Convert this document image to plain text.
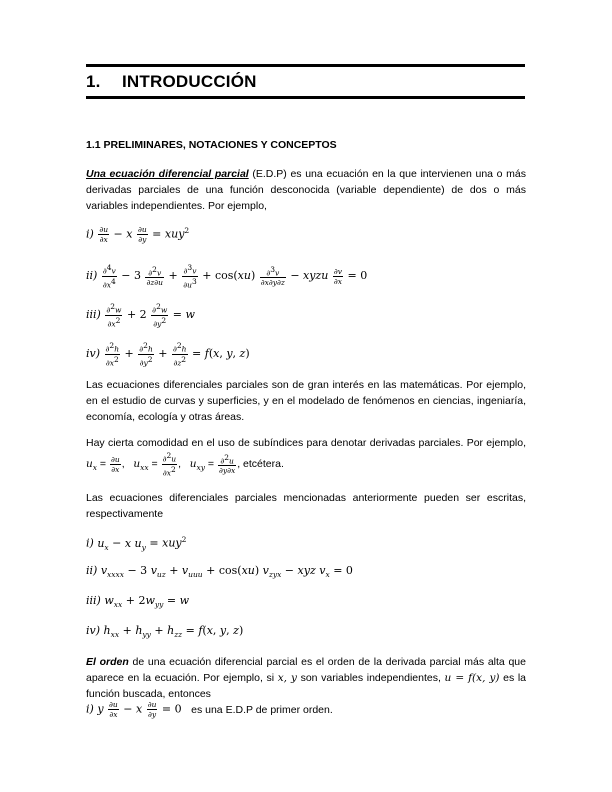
1. INTRODUCCIÓN
1.1 PRELIMINARES, NOTACIONES Y CONCEPTOS
Una ecuación diferencial parcial (E.D.P) es una ecuación en la que intervienen una o más derivadas parciales de una función desconocida (variable dependiente) de dos o más variables independientes. Por ejemplo,
$i) \frac{\partial u}{\partial x} - x \frac{\partial u}{\partial y} = xuy^2$
$ii) \frac{\partial^4v}{\partial x^4} - 3 \frac{\partial^2v}{\partial z\partial u} + \frac{\partial^3v}{\partial u^3} + \cos(xu) \frac{\partial^3v}{\partial x\partial y\partial z}$ − xyzu $\frac{\partial v}{\partial x} = 0$
$iii) \frac{\partial^2w}{\partial x^2} + 2 \frac{\partial^2w}{\partial y^2} = w$
$iv) \frac{\partial^2h}{\partial x^2} + \frac{\partial^2h}{\partial y^2} + \frac{\partial^2h}{\partial z^2} = f(x$, y, z)
Las ecuaciones diferenciales parciales son de gran interés en las matemáticas. Por ejemplo, en el estudio de curvas y superficies, y en el modelado de fenómenos en ciencias, ingeniaría, economía, ecología y otras áreas.
Hay cierta comodidad en el uso de subíndices para denotar derivadas parciales. Por ejemplo, $u_x = \frac{\partial u}{\partial x}$ ,   $u_{xx} = \frac{\partial^2u}{\partial x^2}$ ,   $u_{xy} = \frac{\partial^2u}{\partial y\partial x}$ , etcétera.
Las ecuaciones diferenciales parciales mencionadas anteriormente pueden ser escritas, respectivamente
i) $u_x - x$ $u_y = xuy^2$
ii) $v_{xxxx} - 3$ $v_{uz} + v_{uuu} + \cos(xu) v_{zyx}$ − xyz $v_x = 0$
iii) $w_{xx} + 2w_{yy} = w$
iv) $h_{xx} + h_{yy} + h_{zz} = f(x$, y, z)
El orden de una ecuación diferencial parcial es el orden de la derivada parcial más alta que aparece en la ecuación. Por ejemplo, si x, y son variables independientes, u = f(x, y) es la función buscada, entonces
i) y $\frac{\partial u}{\partial x} - x \frac{\partial u}{\partial y} = 0$ es una E.D.P de primer orden.
